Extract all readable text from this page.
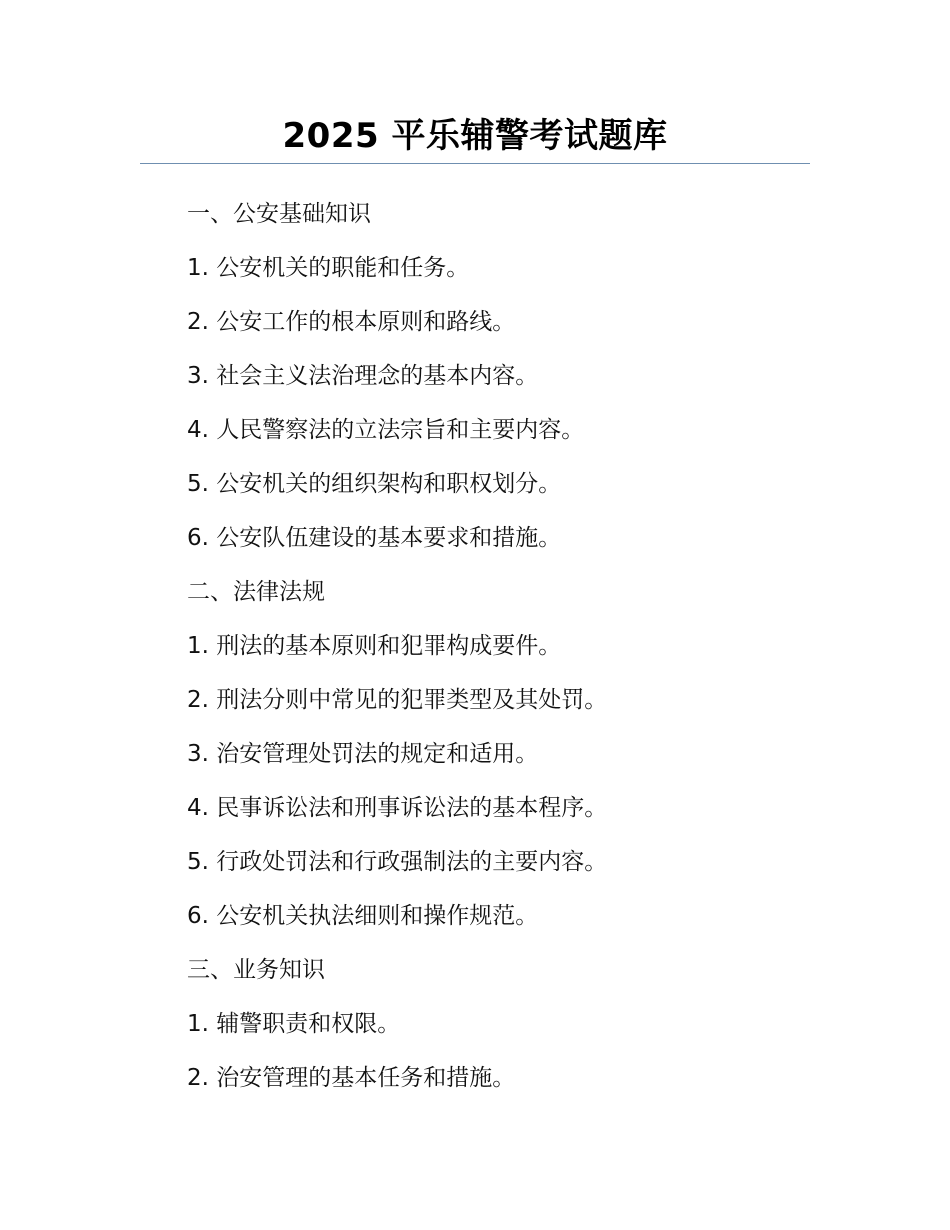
2025 平乐辅警考试题库
一、公安基础知识
1. 公安机关的职能和任务。
2. 公安工作的根本原则和路线。
3. 社会主义法治理念的基本内容。
4. 人民警察法的立法宗旨和主要内容。
5. 公安机关的组织架构和职权划分。
6. 公安队伍建设的基本要求和措施。
二、法律法规
1. 刑法的基本原则和犯罪构成要件。
2. 刑法分则中常见的犯罪类型及其处罚。
3. 治安管理处罚法的规定和适用。
4. 民事诉讼法和刑事诉讼法的基本程序。
5. 行政处罚法和行政强制法的主要内容。
6. 公安机关执法细则和操作规范。
三、业务知识
1. 辅警职责和权限。
2. 治安管理的基本任务和措施。
